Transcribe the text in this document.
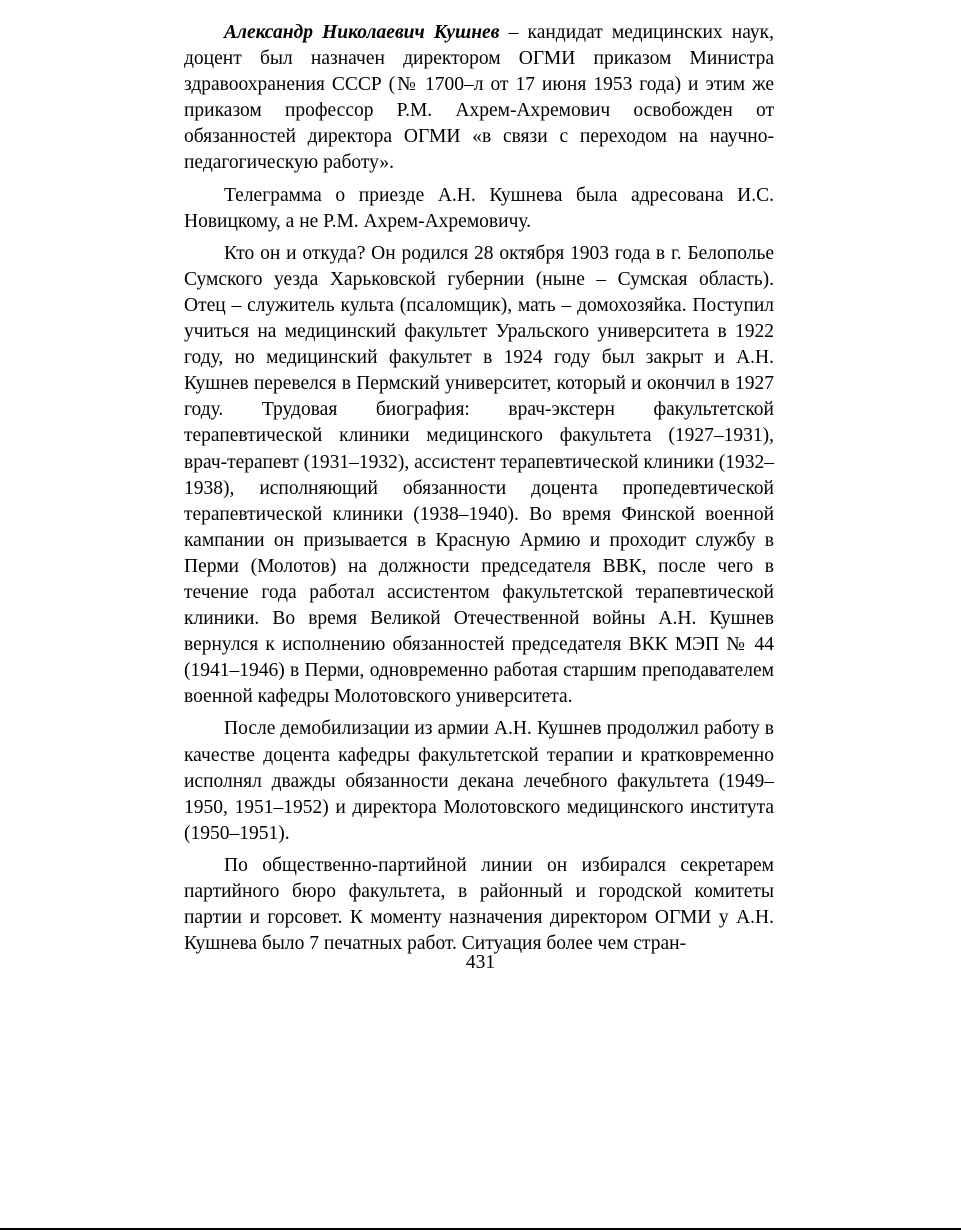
Александр Николаевич Кушнев – кандидат медицинских наук, доцент был назначен директором ОГМИ приказом Министра здравоохранения СССР (№ 1700–л от 17 июня 1953 года) и этим же приказом профессор Р.М. Ахрем-Ахремович освобожден от обязанностей директора ОГМИ «в связи с переходом на научно-педагогическую работу».

Телеграмма о приезде А.Н. Кушнева была адресована И.С. Новицкому, а не Р.М. Ахрем-Ахремовичу.

Кто он и откуда? Он родился 28 октября 1903 года в г. Белополье Сумского уезда Харьковской губернии (ныне – Сумская область). Отец – служитель культа (псаломщик), мать – домохозяйка. Поступил учиться на медицинский факультет Уральского университета в 1922 году, но медицинский факультет в 1924 году был закрыт и А.Н. Кушнев перевелся в Пермский университет, который и окончил в 1927 году. Трудовая биография: врач-экстерн факультетской терапевтической клиники медицинского факультета (1927–1931), врач-терапевт (1931–1932), ассистент терапевтической клиники (1932–1938), исполняющий обязанности доцента пропедевтической терапевтической клиники (1938–1940). Во время Финской военной кампании он призывается в Красную Армию и проходит службу в Перми (Молотов) на должности председателя ВВК, после чего в течение года работал ассистентом факультетской терапевтической клиники. Во время Великой Отечественной войны А.Н. Кушнев вернулся к исполнению обязанностей председателя ВКК МЭП № 44 (1941–1946) в Перми, одновременно работая старшим преподавателем военной кафедры Молотовского университета.

После демобилизации из армии А.Н. Кушнев продолжил работу в качестве доцента кафедры факультетской терапии и кратковременно исполнял дважды обязанности декана лечебного факультета (1949–1950, 1951–1952) и директора Молотовского медицинского института (1950–1951).

По общественно-партийной линии он избирался секретарем партийного бюро факультета, в районный и городской комитеты партии и горсовет. К моменту назначения директором ОГМИ у А.Н. Кушнева было 7 печатных работ. Ситуация более чем стран-

431
